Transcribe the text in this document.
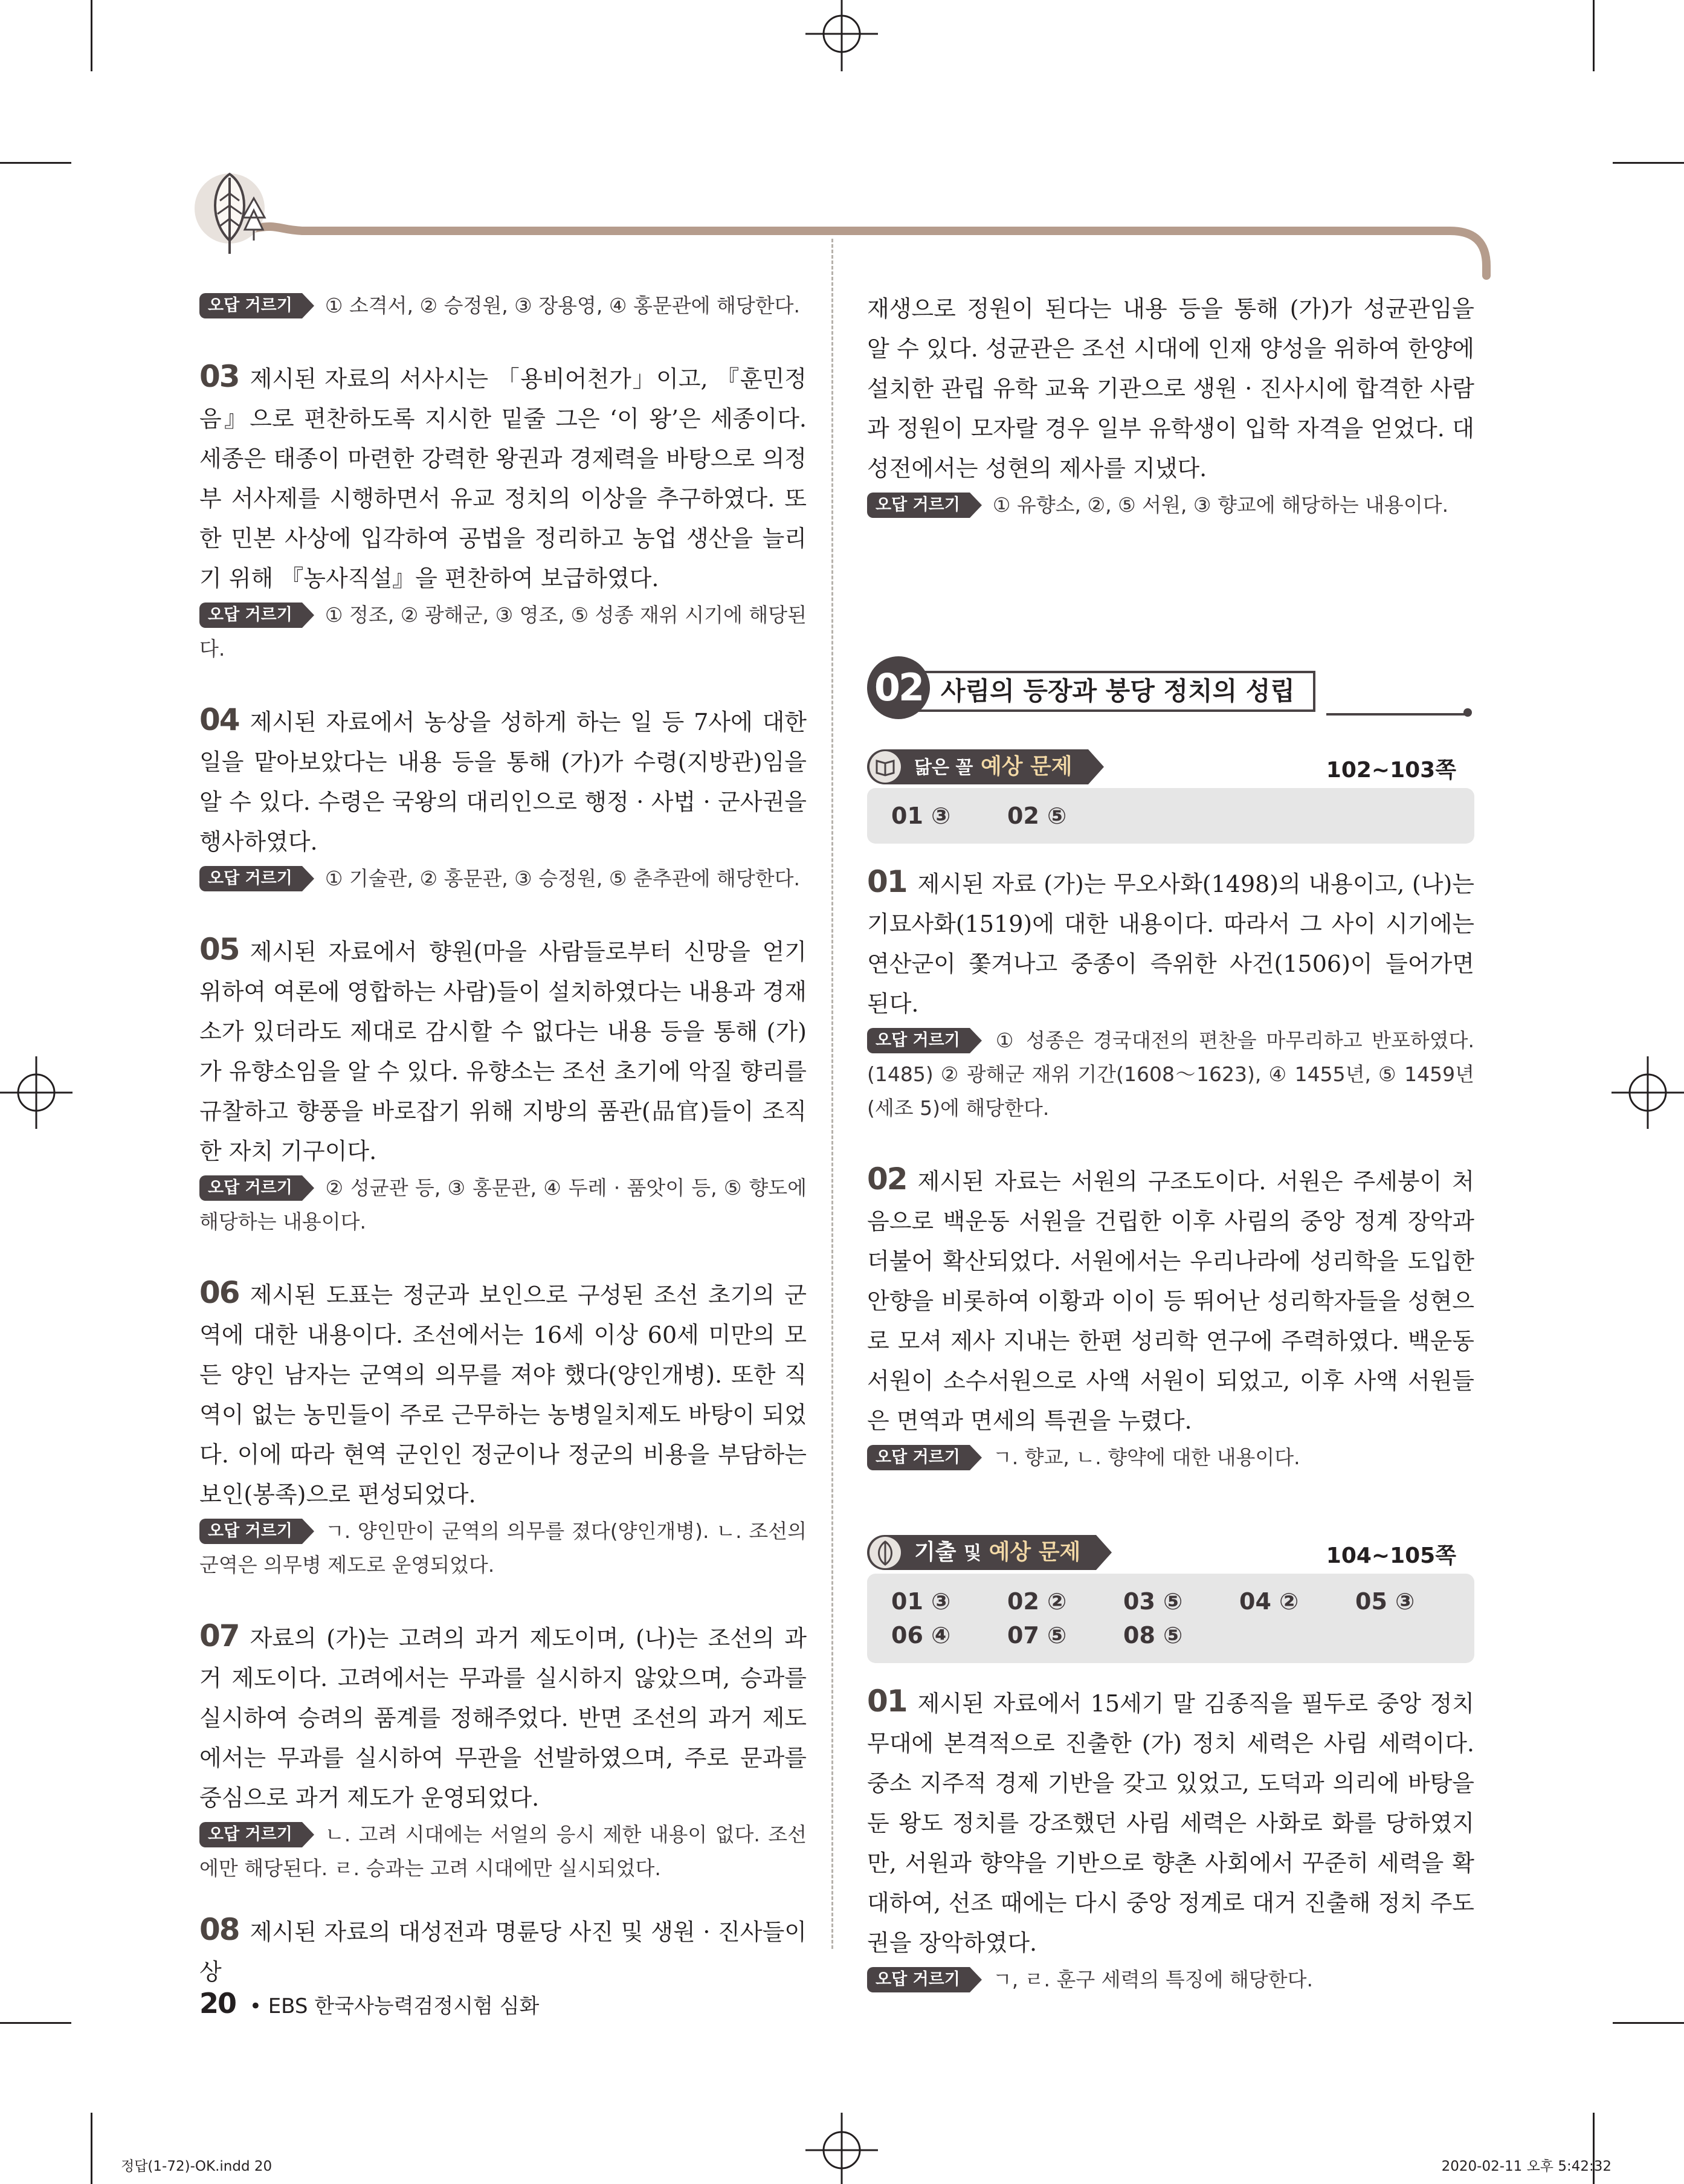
오답 거르기 ① 소격서, ② 승정원, ③ 장용영, ④ 홍문관에 해당한다.

03 제시된 자료의 서사시는 「용비어천가」이고, 『훈민정음』으로 편찬하도록 지시한 밑줄 그은 ‘이 왕’은 세종이다. 세종은 태종이 마련한 강력한 왕권과 경제력을 바탕으로 의정부 서사제를 시행하면서 유교 정치의 이상을 추구하였다. 또한 민본 사상에 입각하여 공법을 정리하고 농업 생산을 늘리기 위해 『농사직설』을 편찬하여 보급하였다.

오답 거르기 ① 정조, ② 광해군, ③ 영조, ⑤ 성종 재위 시기에 해당된다.

04 제시된 자료에서 농상을 성하게 하는 일 등 7사에 대한 일을 맡아보았다는 내용 등을 통해 (가)가 수령(지방관)임을 알 수 있다. 수령은 국왕의 대리인으로 행정 · 사법 · 군사권을 행사하였다.

오답 거르기 ① 기술관, ② 홍문관, ③ 승정원, ⑤ 춘추관에 해당한다.

05 제시된 자료에서 향원(마을 사람들로부터 신망을 얻기 위하여 여론에 영합하는 사람)들이 설치하였다는 내용과 경재소가 있더라도 제대로 감시할 수 없다는 내용 등을 통해 (가)가 유향소임을 알 수 있다. 유향소는 조선 초기에 악질 향리를 규찰하고 향풍을 바로잡기 위해 지방의 품관(品官)들이 조직한 자치 기구이다.

오답 거르기 ② 성균관 등, ③ 홍문관, ④ 두레 · 품앗이 등, ⑤ 향도에 해당하는 내용이다.

06 제시된 도표는 정군과 보인으로 구성된 조선 초기의 군역에 대한 내용이다. 조선에서는 16세 이상 60세 미만의 모든 양인 남자는 군역의 의무를 져야 했다(양인개병). 또한 직역이 없는 농민들이 주로 근무하는 농병일치제도 바탕이 되었다. 이에 따라 현역 군인인 정군이나 정군의 비용을 부담하는 보인(봉족)으로 편성되었다.

오답 거르기 ㄱ. 양인만이 군역의 의무를 졌다(양인개병). ㄴ. 조선의 군역은 의무병 제도로 운영되었다.

07 자료의 (가)는 고려의 과거 제도이며, (나)는 조선의 과거 제도이다. 고려에서는 무과를 실시하지 않았으며, 승과를 실시하여 승려의 품계를 정해주었다. 반면 조선의 과거 제도에서는 무과를 실시하여 무관을 선발하였으며, 주로 문과를 중심으로 과거 제도가 운영되었다.

오답 거르기 ㄴ. 고려 시대에는 서얼의 응시 제한 내용이 없다. 조선에만 해당된다. ㄹ. 승과는 고려 시대에만 실시되었다.

08 제시된 자료의 대성전과 명륜당 사진 및 생원 · 진사들이 상

재생으로 정원이 된다는 내용 등을 통해 (가)가 성균관임을 알 수 있다. 성균관은 조선 시대에 인재 양성을 위하여 한양에 설치한 관립 유학 교육 기관으로 생원 · 진사시에 합격한 사람과 정원이 모자랄 경우 일부 유학생이 입학 자격을 얻었다. 대성전에서는 성현의 제사를 지냈다.

오답 거르기 ① 유향소, ②, ⑤ 서원, ③ 향교에 해당하는 내용이다.

사림의 등장과 붕당 정치의 성립
02
닮은 꼴 예상 문제	102~103쪽
01 ③ 02 ⑤

01 제시된 자료 (가)는 무오사화(1498)의 내용이고, (나)는 기묘사화(1519)에 대한 내용이다. 따라서 그 사이 시기에는 연산군이 쫓겨나고 중종이 즉위한 사건(1506)이 들어가면 된다.

오답 거르기 ① 성종은 경국대전의 편찬을 마무리하고 반포하였다.(1485) ② 광해군 재위 기간(1608～1623), ④ 1455년, ⑤ 1459년(세조 5)에 해당한다.

02 제시된 자료는 서원의 구조도이다. 서원은 주세붕이 처음으로 백운동 서원을 건립한 이후 사림의 중앙 정계 장악과 더불어 확산되었다. 서원에서는 우리나라에 성리학을 도입한 안향을 비롯하여 이황과 이이 등 뛰어난 성리학자들을 성현으로 모셔 제사 지내는 한편 성리학 연구에 주력하였다. 백운동 서원이 소수서원으로 사액 서원이 되었고, 이후 사액 서원들은 면역과 면세의 특권을 누렸다.

오답 거르기 ㄱ. 향교, ㄴ. 향약에 대한 내용이다.

기출 및 예상 문제	104~105쪽
01 ③ 02 ② 03 ⑤ 04 ② 05 ③
06 ④ 07 ⑤ 08 ⑤

01 제시된 자료에서 15세기 말 김종직을 필두로 중앙 정치 무대에 본격적으로 진출한 (가) 정치 세력은 사림 세력이다. 중소 지주적 경제 기반을 갖고 있었고, 도덕과 의리에 바탕을 둔 왕도 정치를 강조했던 사림 세력은 사화로 화를 당하였지만, 서원과 향약을 기반으로 향촌 사회에서 꾸준히 세력을 확대하여, 선조 때에는 다시 중앙 정계로 대거 진출해 정치 주도권을 장악하였다.

오답 거르기 ㄱ, ㄹ. 훈구 세력의 특징에 해당한다.

20 • EBS 한국사능력검정시험 심화
정답(1-72)-OK.indd 20	2020-02-11 오후 5:42:32
